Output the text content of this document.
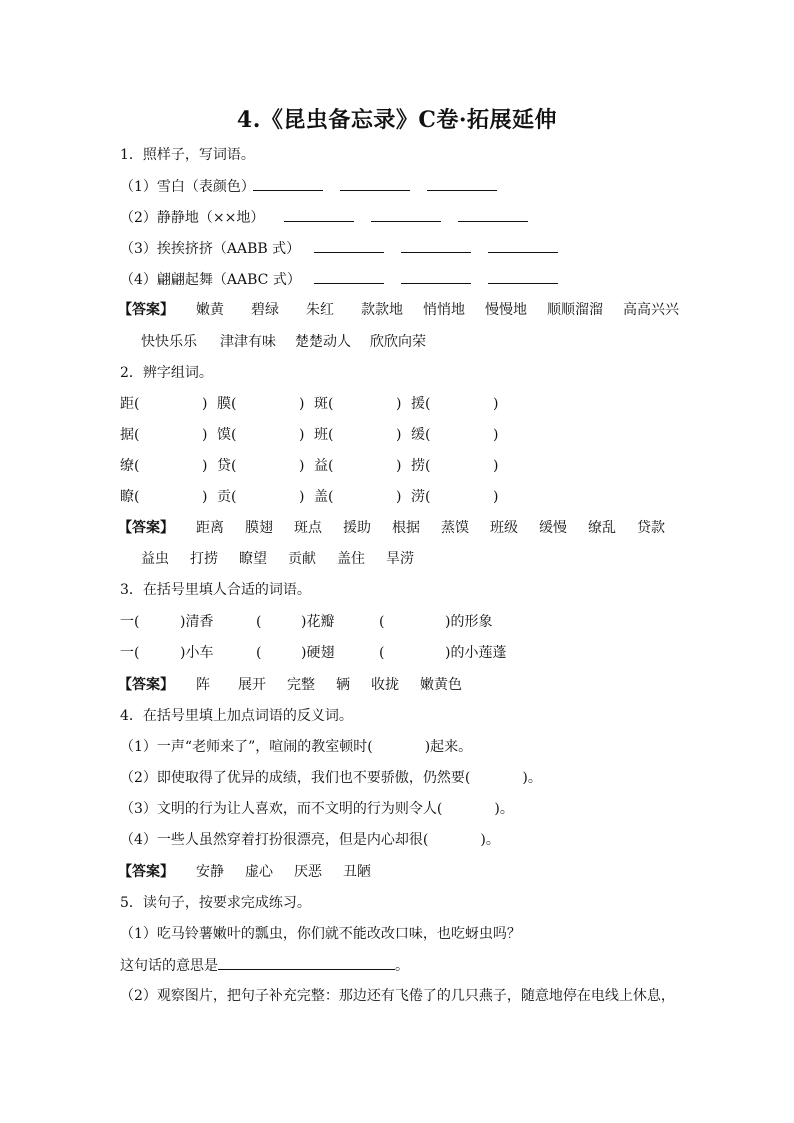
4.《昆虫备忘录》C卷·拓展延伸
1．照样子，写词语。
（1）雪白（表颜色）
（2）静静地（××地）
（3）挨挨挤挤（AABB 式）
（4）翩翩起舞（AABC 式）
【答案】 嫩黄 碧绿 朱红 款款地 悄悄地 慢慢地 顺顺溜溜 高高兴兴
快快乐乐 津津有味 楚楚动人 欣欣向荣
2．辨字组词。
距(	) 膜(	) 斑(	) 援(	)
据(	) 馍(	) 班(	) 缓(	)
缭(	) 贷(	) 益(	) 捞(	)
瞭(	) 贡(	) 盖(	) 涝(	)
【答案】 距离 膜翅 斑点 援助 根据 蒸馍 班级 缓慢 缭乱 贷款
益虫 打捞 瞭望 贡献 盖住 旱涝
3．在括号里填人合适的词语。
一(	)清香	(	)花瓣	(	)的形象
一(	)小车	(	)硬翅	(	)的小莲蓬
【答案】 阵 展开 完整 辆 收拢 嫩黄色
4．在括号里填上加点词语的反义词。
（1）一声“老师来了”，喧闹的教室顿时(	)起来。
（2）即使取得了优异的成绩，我们也不要骄傲，仍然要(	)。
（3）文明的行为让人喜欢，而不文明的行为则令人(	)。
（4）一些人虽然穿着打扮很漂亮，但是内心却很(	)。
【答案】 安静 虚心 厌恶 丑陋
5．读句子，按要求完成练习。
（1）吃马铃薯嫩叶的瓢虫，你们就不能改改口味，也吃蚜虫吗？
这句话的意思是	。
（2）观察图片，把句子补充完整：那边还有飞倦了的几只燕子，随意地停在电线上休息，
